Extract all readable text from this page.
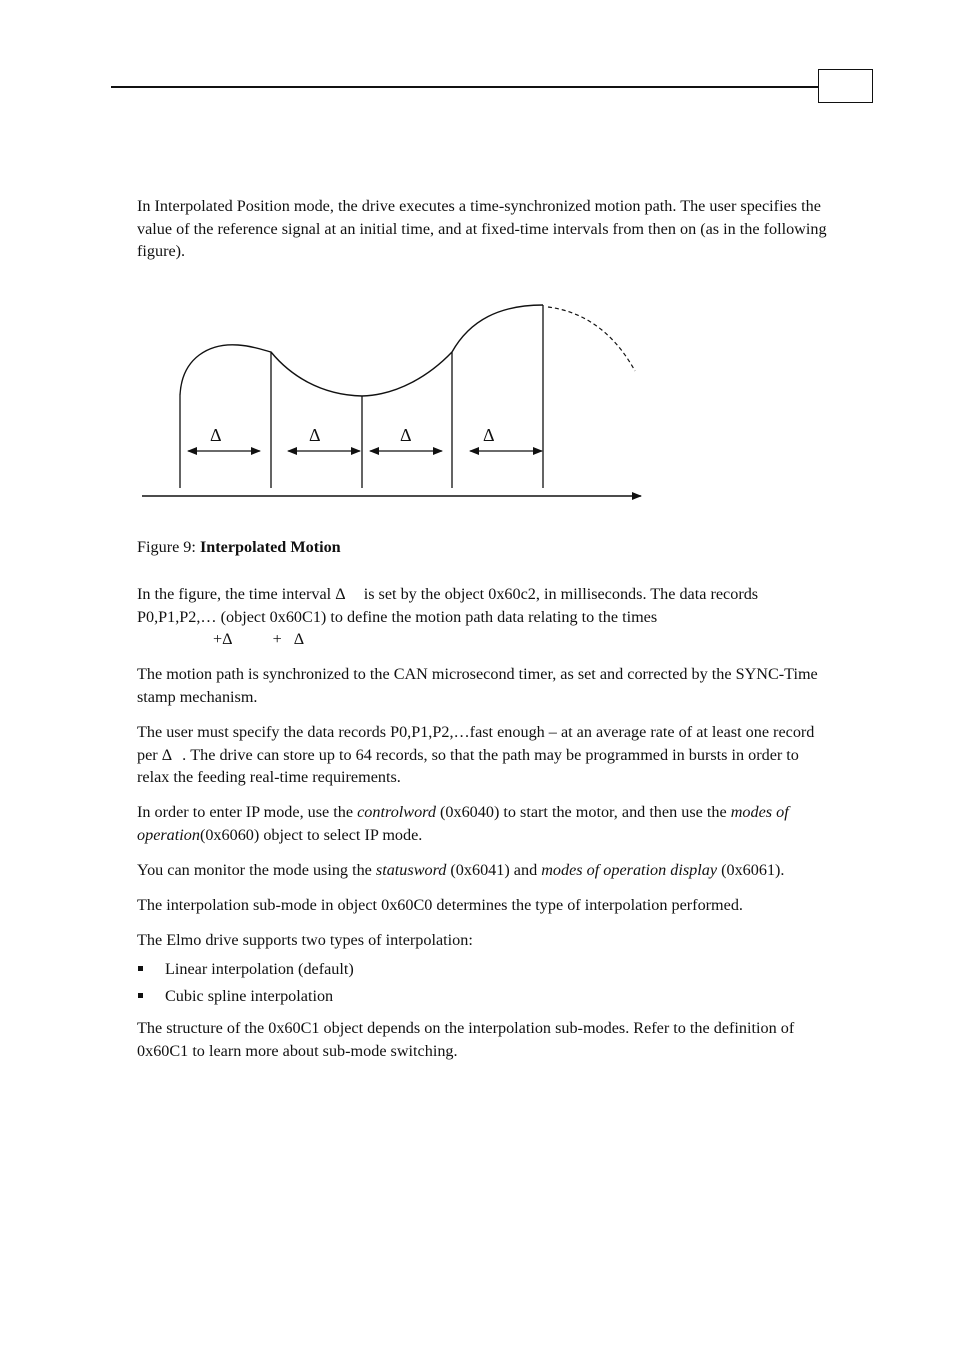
In Interpolated Position mode, the drive executes a time-synchronized motion path. The user specifies the value of the reference signal at an initial time, and at fixed-time intervals from then on (as in the following figure).

Δ	Δ	Δ	Δ
Figure 9: Interpolated Motion

In the figure, the time interval Δ is set by the object 0x60c2, in milliseconds. The data records P0,P1,P2,… (object 0x60C1) to define the motion path data relating to the times
+Δ + Δ

The motion path is synchronized to the CAN microsecond timer, as set and corrected by the SYNC-Time stamp mechanism.

The user must specify the data records P0,P1,P2,…fast enough – at an average rate of at least one record per Δ . The drive can store up to 64 records, so that the path may be programmed in bursts in order to relax the feeding real-time requirements.

In order to enter IP mode, use the controlword (0x6040) to start the motor, and then use the modes of operation(0x6060) object to select IP mode.

You can monitor the mode using the statusword (0x6041) and modes of operation display (0x6061).

The interpolation sub-mode in object 0x60C0 determines the type of interpolation performed.

The Elmo drive supports two types of interpolation:

Linear interpolation (default)
Cubic spline interpolation

The structure of the 0x60C1 object depends on the interpolation sub-modes. Refer to the definition of 0x60C1 to learn more about sub-mode switching.
